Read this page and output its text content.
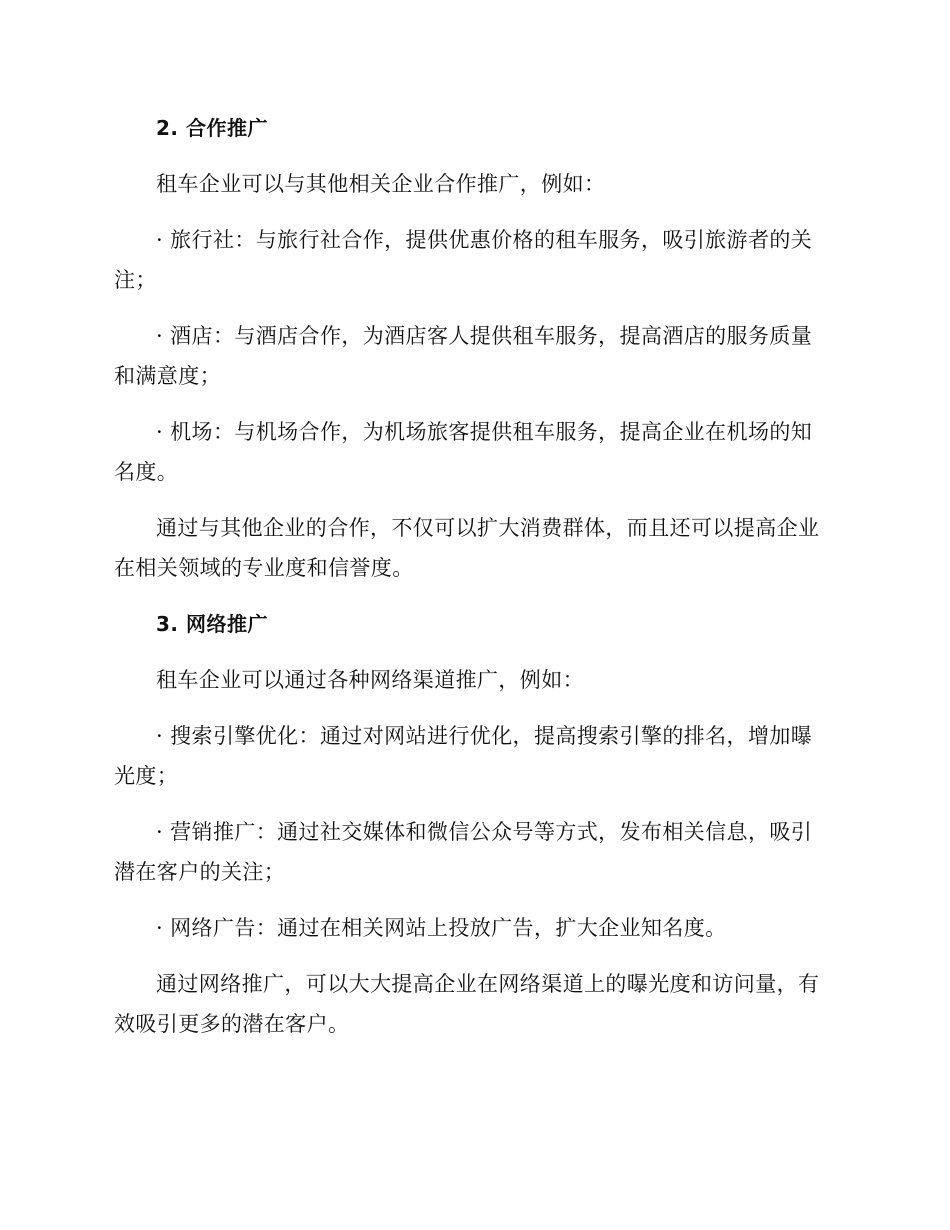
2. 合作推广

租车企业可以与其他相关企业合作推广，例如：

· 旅行社：与旅行社合作，提供优惠价格的租车服务，吸引旅游者的关注；

· 酒店：与酒店合作，为酒店客人提供租车服务，提高酒店的服务质量和满意度；

· 机场：与机场合作，为机场旅客提供租车服务，提高企业在机场的知名度。

通过与其他企业的合作，不仅可以扩大消费群体，而且还可以提高企业在相关领域的专业度和信誉度。

3. 网络推广

租车企业可以通过各种网络渠道推广，例如：

· 搜索引擎优化：通过对网站进行优化，提高搜索引擎的排名，增加曝光度；

· 营销推广：通过社交媒体和微信公众号等方式，发布相关信息，吸引潜在客户的关注；

· 网络广告：通过在相关网站上投放广告，扩大企业知名度。

通过网络推广，可以大大提高企业在网络渠道上的曝光度和访问量，有效吸引更多的潜在客户。
